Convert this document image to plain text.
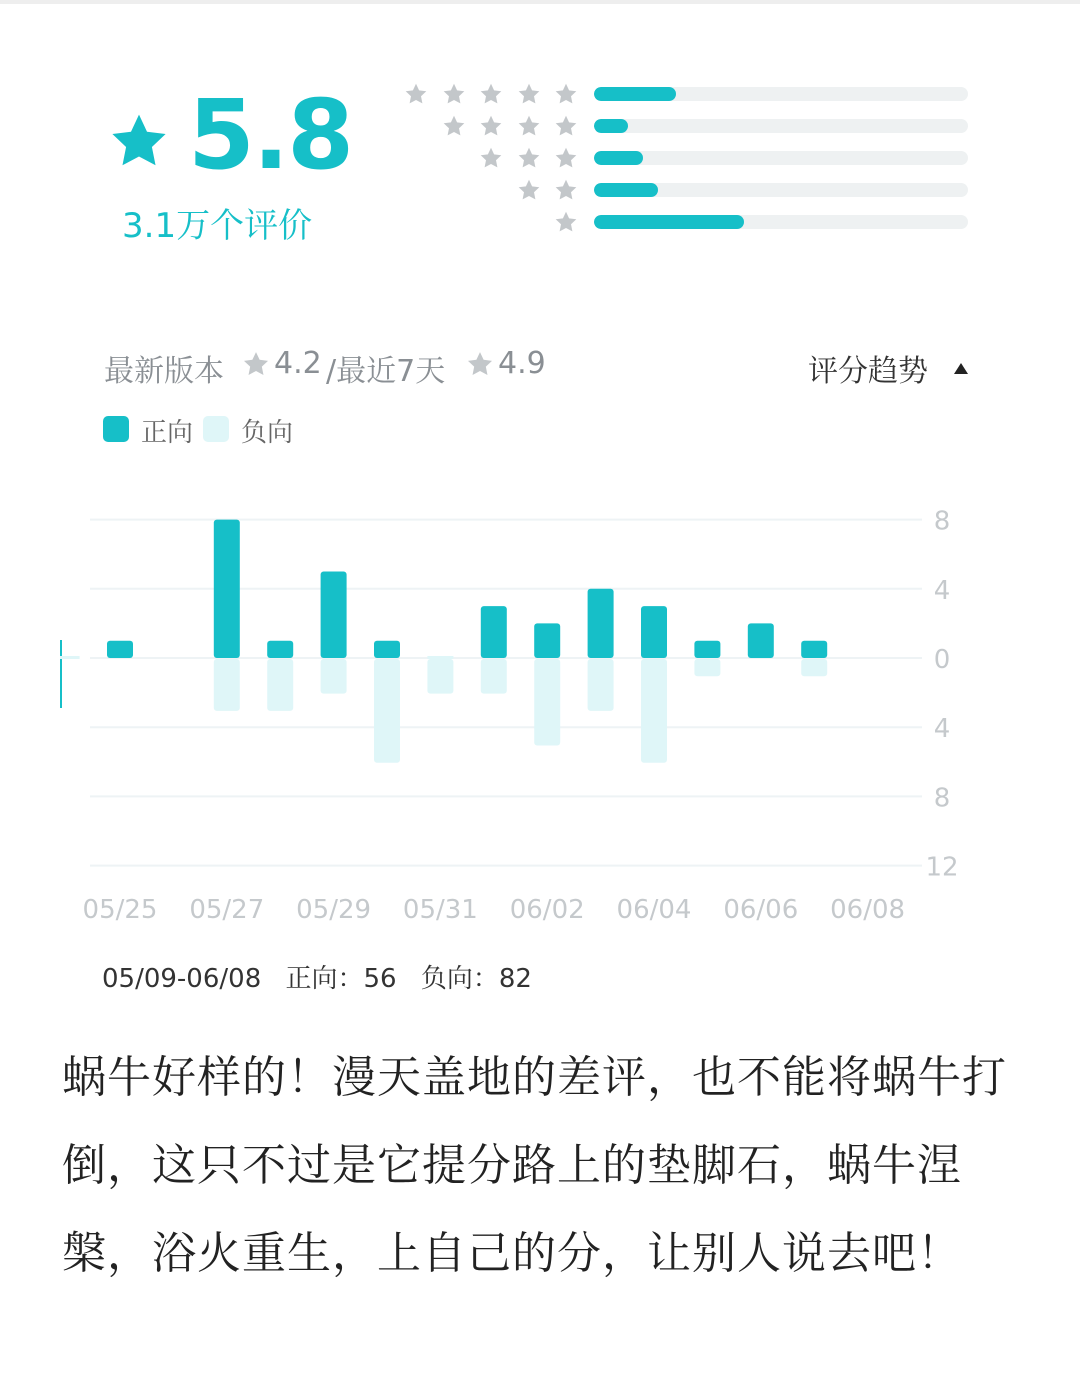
5.8
3.1万个评价
最新版本 4.2 /最近7天 4.9	评分趋势
正向 负向
8
4
0
4
8
12
05/25 05/27 05/29 05/31 06/02 06/04 06/06 06/08
05/09-06/08 正向：56 负向：82
蜗牛好样的！漫天盖地的差评，也不能将蜗牛打倒，这只不过是它提分路上的垫脚石，蜗牛涅槃，浴火重生，上自己的分，让别人说去吧！
